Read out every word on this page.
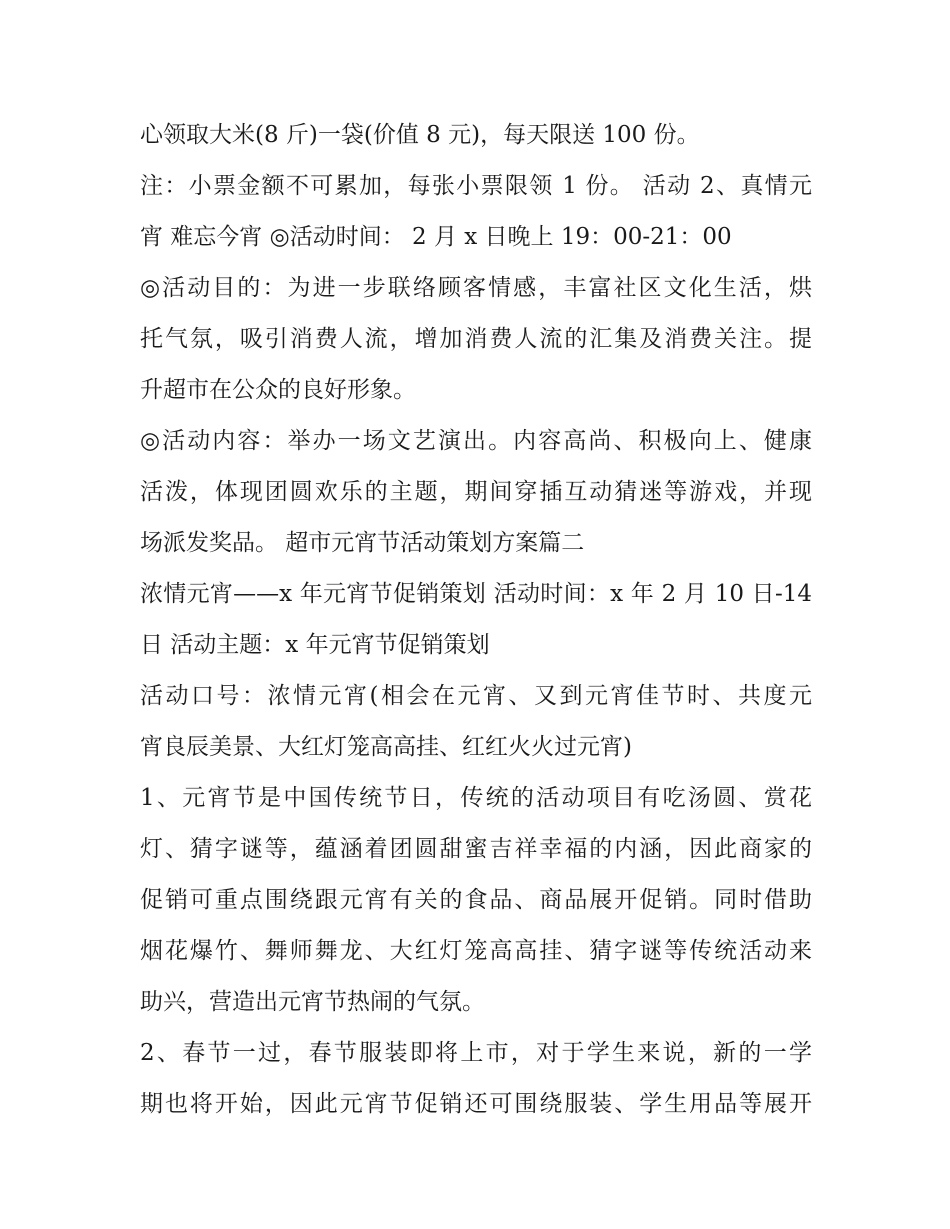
心领取大米(8 斤)一袋(价值 8 元)，每天限送 100 份。
注：小票金额不可累加，每张小票限领 1 份。 活动 2、真情元
宵 难忘今宵 ◎活动时间： 2 月 x 日晚上 19：00-21：00
◎活动目的：为进一步联络顾客情感，丰富社区文化生活，烘
托气氛，吸引消费人流，增加消费人流的汇集及消费关注。提
升超市在公众的良好形象。
◎活动内容：举办一场文艺演出。内容高尚、积极向上、健康
活泼，体现团圆欢乐的主题，期间穿插互动猜迷等游戏，并现
场派发奖品。 超市元宵节活动策划方案篇二
浓情元宵——x 年元宵节促销策划 活动时间：x 年 2 月 10 日-14
日 活动主题：x 年元宵节促销策划
活动口号：浓情元宵(相会在元宵、又到元宵佳节时、共度元
宵良辰美景、大红灯笼高高挂、红红火火过元宵)
1、元宵节是中国传统节日，传统的活动项目有吃汤圆、赏花
灯、猜字谜等，蕴涵着团圆甜蜜吉祥幸福的内涵，因此商家的
促销可重点围绕跟元宵有关的食品、商品展开促销。同时借助
烟花爆竹、舞师舞龙、大红灯笼高高挂、猜字谜等传统活动来
助兴，营造出元宵节热闹的气氛。
2、春节一过，春节服装即将上市，对于学生来说，新的一学
期也将开始，因此元宵节促销还可围绕服装、学生用品等展开
